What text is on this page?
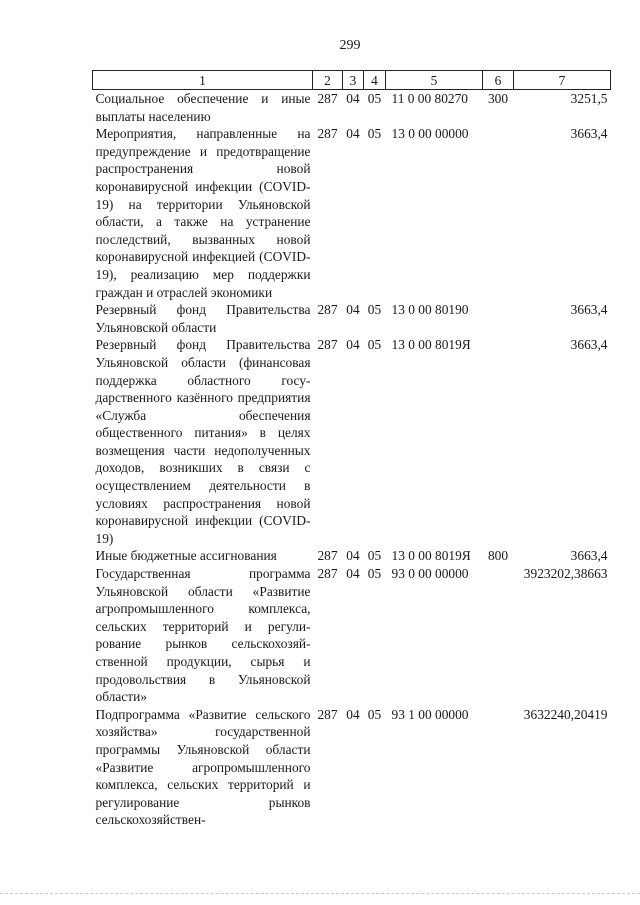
299
1	2	3	4	5	6	7
Социальное обеспечение и иные выплаты населению	287	04	05	11 0 00 80270	300	3251,5
Мероприятия, направленные на предупреждение и предотвращение распространения новой коронавирусной инфекции (COVID-19) на территории Ульяновской области, а также на устранение последствий, вызванных новой коронавирусной инфекцией (COVID-19), реализацию мер поддержки граждан и отраслей экономики	287	04	05	13 0 00 00000		3663,4
Резервный фонд Правительства Ульяновской области	287	04	05	13 0 00 80190		3663,4
Резервный фонд Правительства Ульяновской области (финансовая поддержка областного государственного казённого предприятия «Служба обеспечения общественного питания» в целях возмещения части недополученных доходов, возникших в связи с осуществлением деятельности в условиях распространения новой коронавирусной инфекции (COVID-19)	287	04	05	13 0 00 8019Я		3663,4
Иные бюджетные ассигнования	287	04	05	13 0 00 8019Я	800	3663,4
Государственная программа Ульяновской области «Развитие агропромышленного комплекса, сельских территорий и регулирование рынков сельскохозяйственной продукции, сырья и продовольствия в Ульяновской области»	287	04	05	93 0 00 00000		3923202,38663
Подпрограмма «Развитие сельского хозяйства» государственной программы Ульяновской области «Развитие агропромышленного комплекса, сельских территорий и регулирование рынков сельскохозяйствен-	287	04	05	93 1 00 00000		3632240,20419
